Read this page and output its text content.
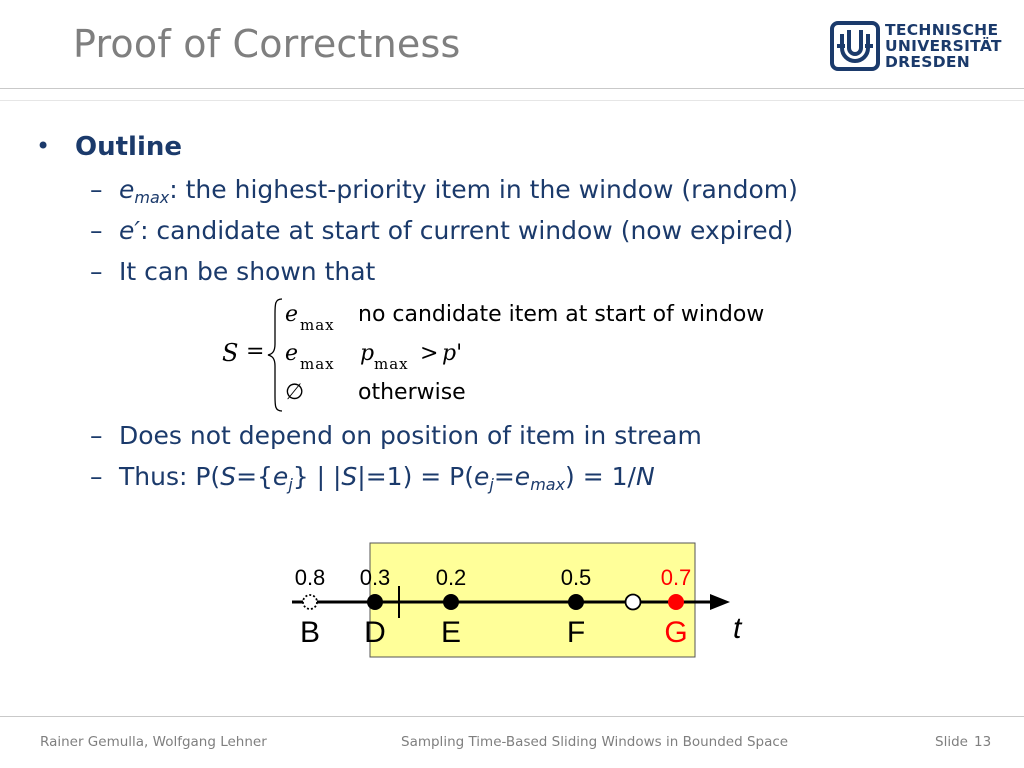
Proof of Correctness	TECHNISCHE
UNIVERSITÄT
DRESDEN
• Outline
– $e_{max}$: the highest-priority item in the window (random)
– e′: candidate at start of current window (now expired)
– It can be shown that
S =
e max no candidate item at start of window
e max p max > p'
∅ otherwise
– Does not depend on position of item in stream
– Thus: $P(S=\{e_j\}$ | $|S|=1) = P(e_j=e_{max}) = 1/N$
t
0.8
B
0.3
D
0.2
E
0.5
F
0.7
G
Rainer Gemulla, Wolfgang Lehner	Sampling Time-Based Sliding Windows in Bounded Space	Slide 13
